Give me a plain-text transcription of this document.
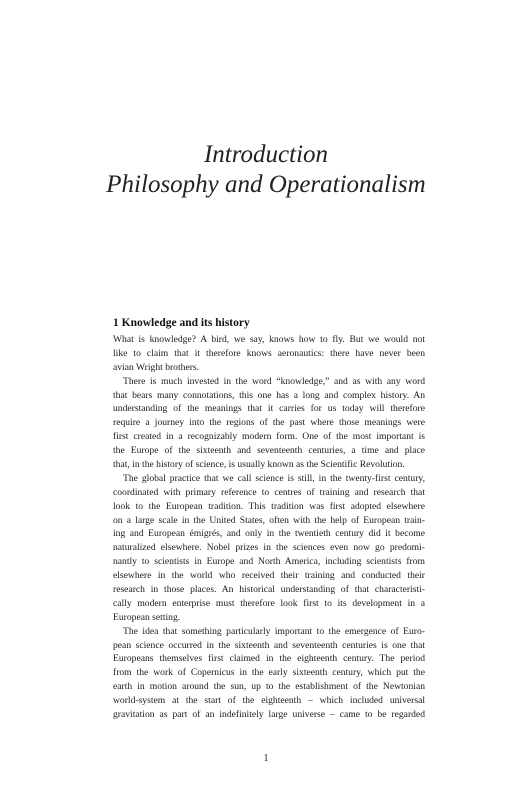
Introduction
Philosophy and Operationalism
1 Knowledge and its history
What is knowledge? A bird, we say, knows how to fly. But we would not
like to claim that it therefore knows aeronautics: there have never been
avian Wright brothers.
There is much invested in the word “knowledge,” and as with any word
that bears many connotations, this one has a long and complex history. An
understanding of the meanings that it carries for us today will therefore
require a journey into the regions of the past where those meanings were
first created in a recognizably modern form. One of the most important is
the Europe of the sixteenth and seventeenth centuries, a time and place
that, in the history of science, is usually known as the Scientific Revolution.
The global practice that we call science is still, in the twenty-first century,
coordinated with primary reference to centres of training and research that
look to the European tradition. This tradition was first adopted elsewhere
on a large scale in the United States, often with the help of European train-
ing and European émigrés, and only in the twentieth century did it become
naturalized elsewhere. Nobel prizes in the sciences even now go predomi-
nantly to scientists in Europe and North America, including scientists from
elsewhere in the world who received their training and conducted their
research in those places. An historical understanding of that characteristi-
cally modern enterprise must therefore look first to its development in a
European setting.
The idea that something particularly important to the emergence of Euro-
pean science occurred in the sixteenth and seventeenth centuries is one that
Europeans themselves first claimed in the eighteenth century. The period
from the work of Copernicus in the early sixteenth century, which put the
earth in motion around the sun, up to the establishment of the Newtonian
world-system at the start of the eighteenth – which included universal
gravitation as part of an indefinitely large universe – came to be regarded
1
